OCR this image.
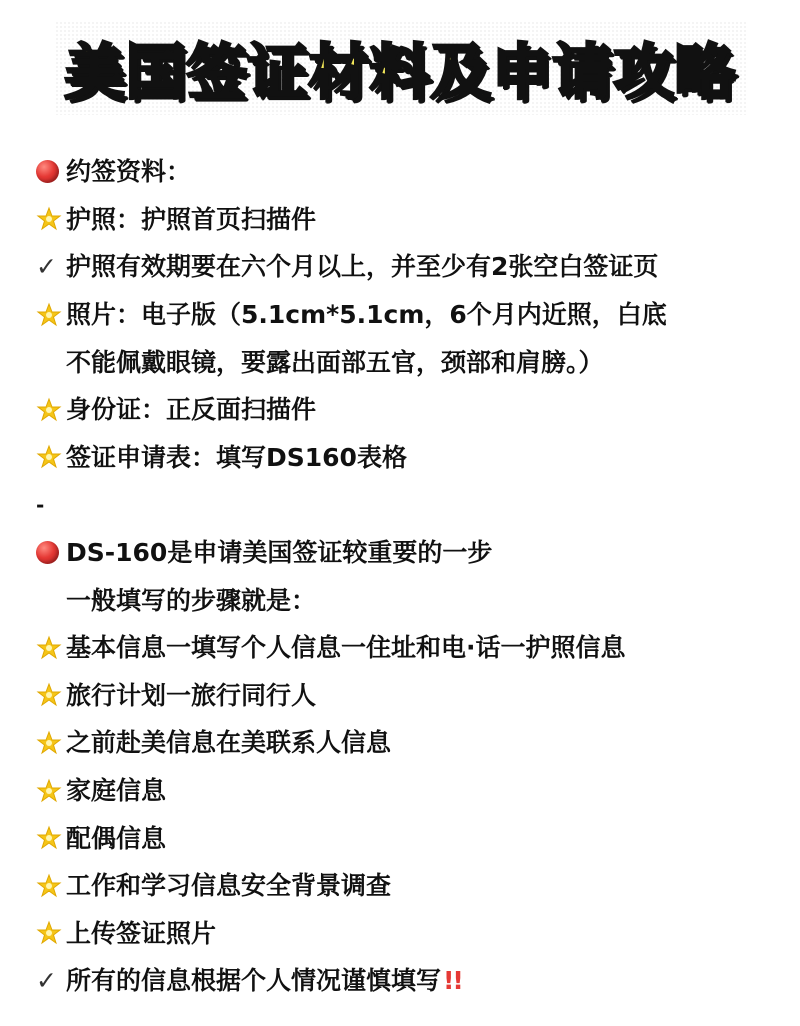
美国签证材料及申请攻略
约签资料：
护照：护照首页扫描件
✓ 护照有效期要在六个月以上，并至少有2张空白签证页
照片：电子版（5.1cm*5.1cm，6个月内近照，白底
不能佩戴眼镜，要露出面部五官，颈部和肩膀。）
身份证：正反面扫描件
签证申请表：填写DS160表格
-
DS-160是申请美国签证较重要的一步
一般填写的步骤就是：
基本信息一填写个人信息一住址和电·话一护照信息
旅行计划一旅行同行人
之前赴美信息在美联系人信息
家庭信息
配偶信息
工作和学习信息安全背景调查
上传签证照片
✓ 所有的信息根据个人情况谨慎填写 !!
